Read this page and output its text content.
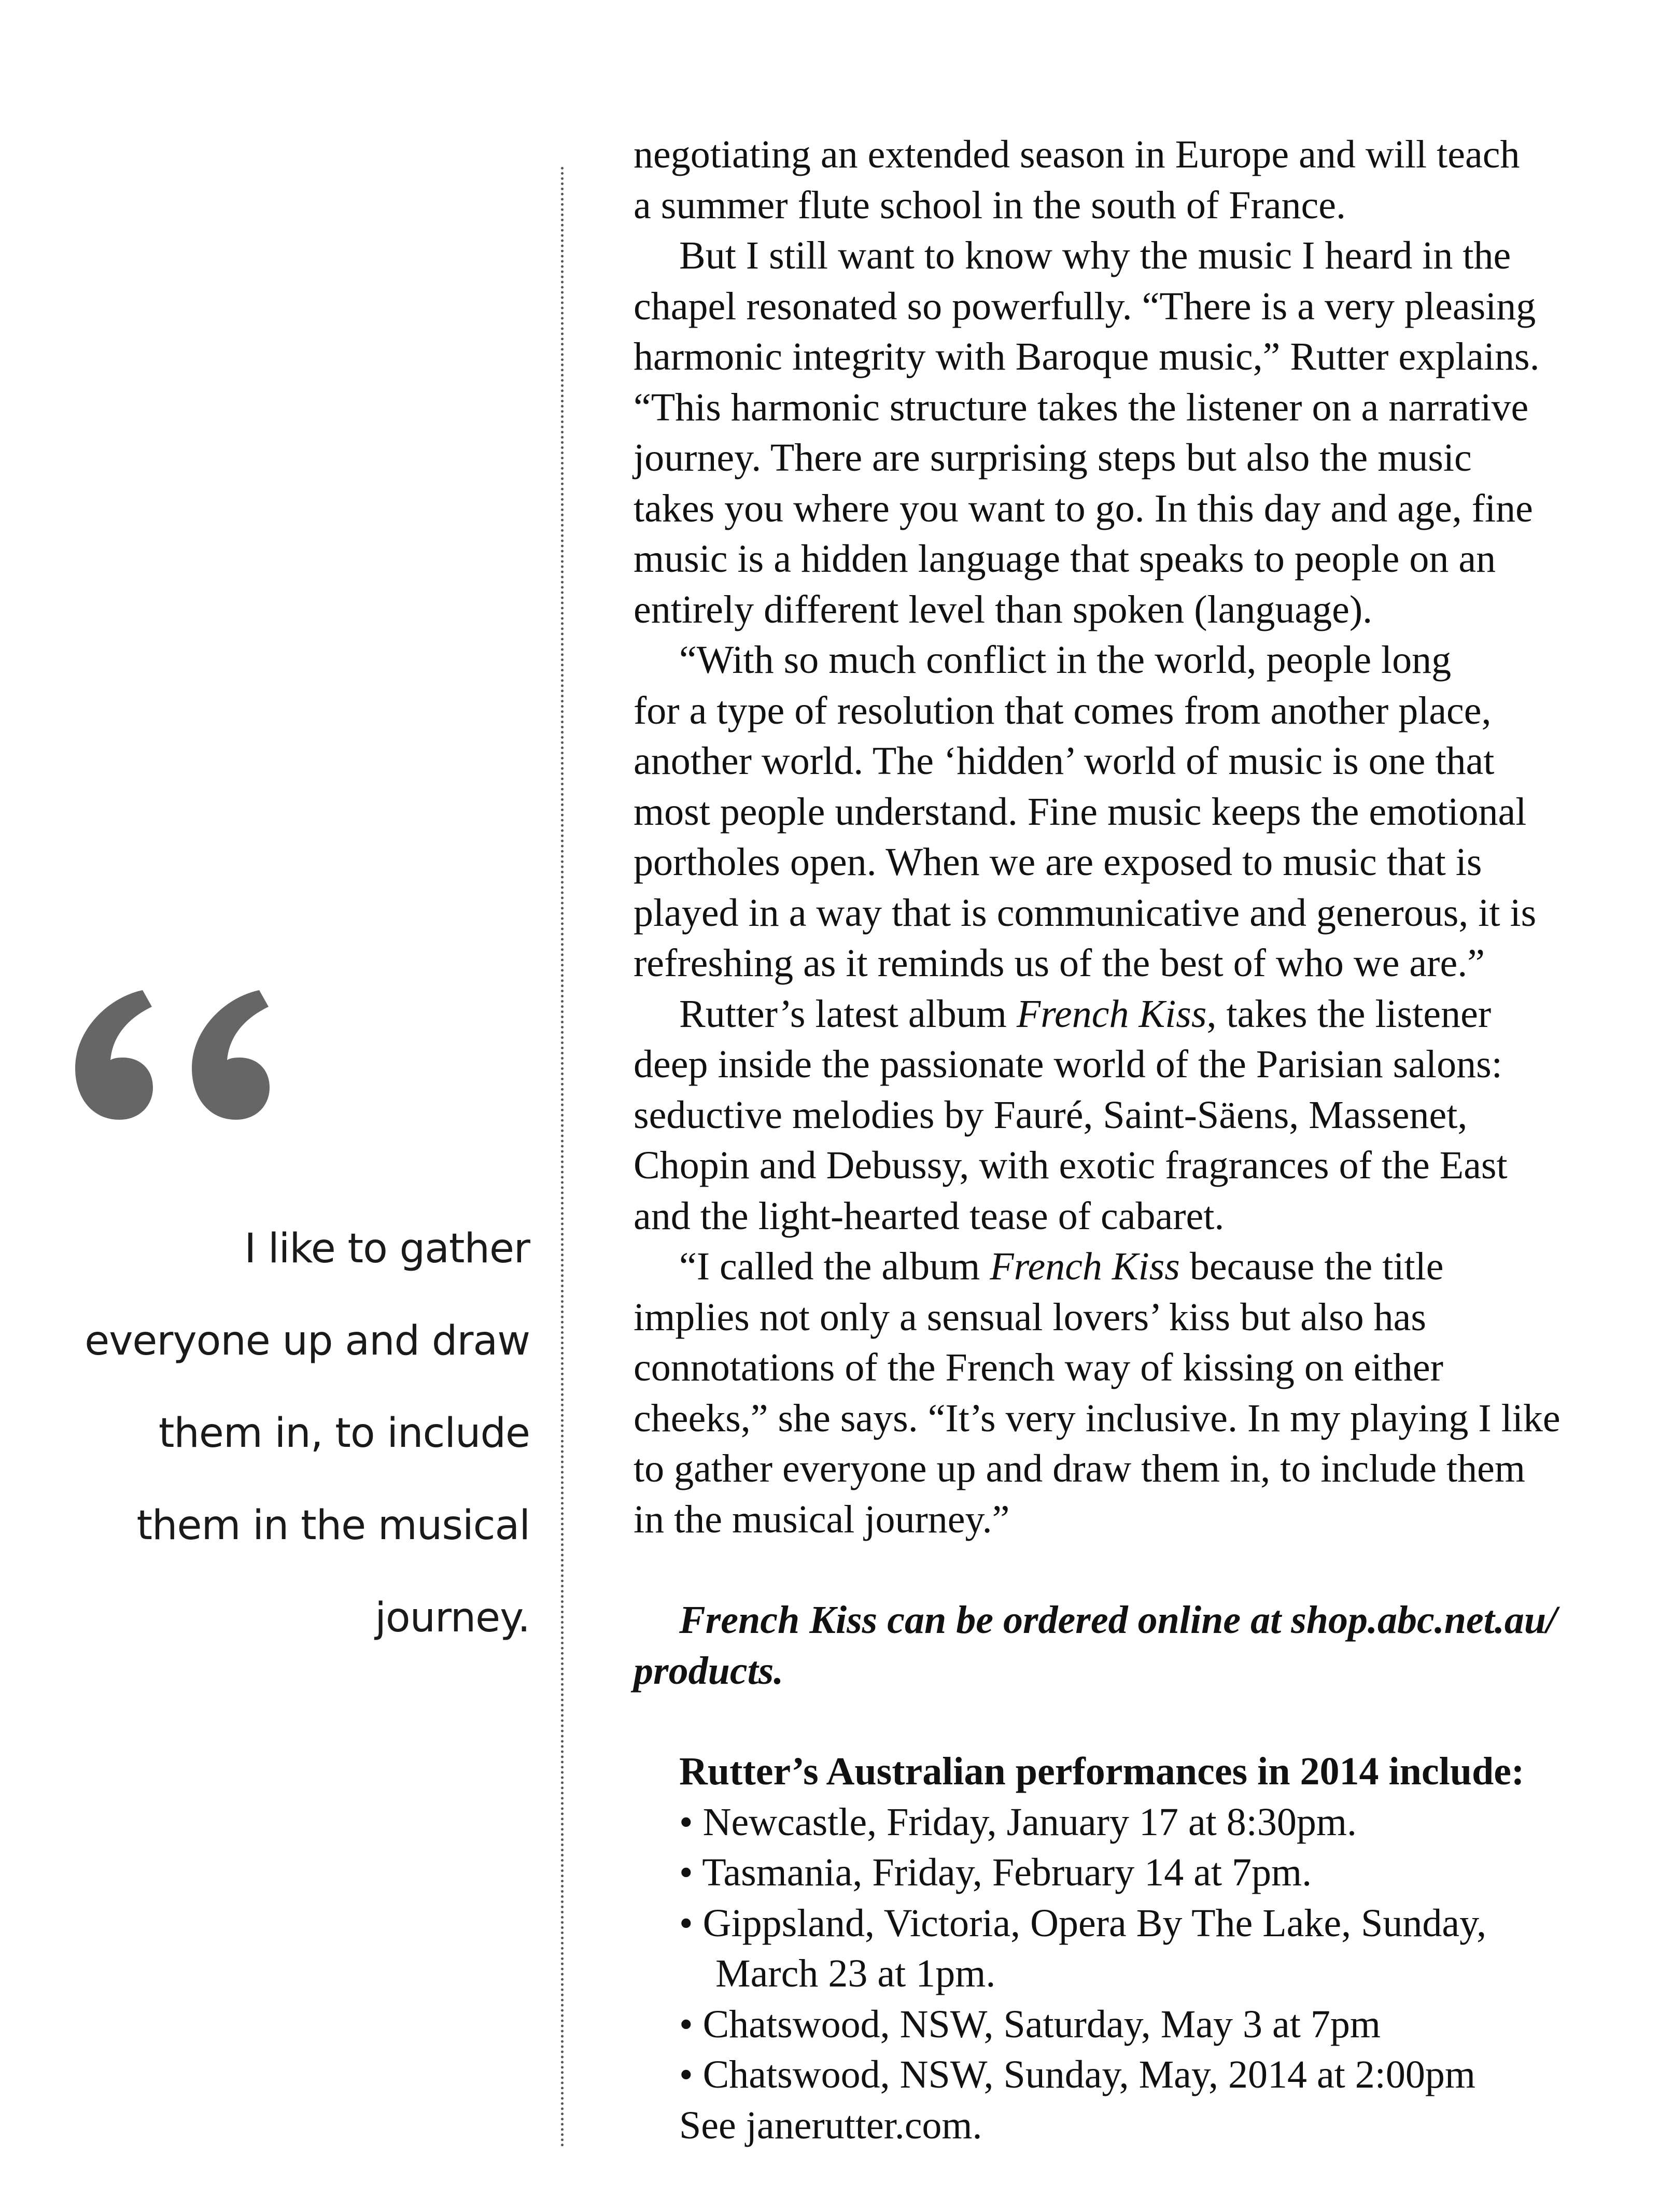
I like to gather
everyone up and draw
them in, to include
them in the musical
journey.

negotiating an extended season in Europe and will teach
a summer flute school in the south of France.

But I still want to know why the music I heard in the
chapel resonated so powerfully. “There is a very pleasing
harmonic integrity with Baroque music,” Rutter explains.
“This harmonic structure takes the listener on a narrative
journey. There are surprising steps but also the music
takes you where you want to go. In this day and age, fine
music is a hidden language that speaks to people on an
entirely different level than spoken (language).

“With so much conflict in the world, people long
for a type of resolution that comes from another place,
another world. The ‘hidden’ world of music is one that
most people understand. Fine music keeps the emotional
portholes open. When we are exposed to music that is
played in a way that is communicative and generous, it is
refreshing as it reminds us of the best of who we are.”

Rutter’s latest album French Kiss, takes the listener
deep inside the passionate world of the Parisian salons:
seductive melodies by Fauré, Saint-Säens, Massenet,
Chopin and Debussy, with exotic fragrances of the East
and the light-hearted tease of cabaret.

“I called the album French Kiss because the title
implies not only a sensual lovers’ kiss but also has
connotations of the French way of kissing on either
cheeks,” she says. “It’s very inclusive. In my playing I like
to gather everyone up and draw them in, to include them
in the musical journey.”

French Kiss can be ordered online at shop.abc.net.au/
products.

Rutter’s Australian performances in 2014 include:

• Newcastle, Friday, January 17 at 8:30pm.
• Tasmania, Friday, February 14 at 7pm.
• Gippsland, Victoria, Opera By The Lake, Sunday,
March 23 at 1pm.
• Chatswood, NSW, Saturday, May 3 at 7pm
• Chatswood, NSW, Sunday, May, 2014 at 2:00pm
See janerutter.com.
